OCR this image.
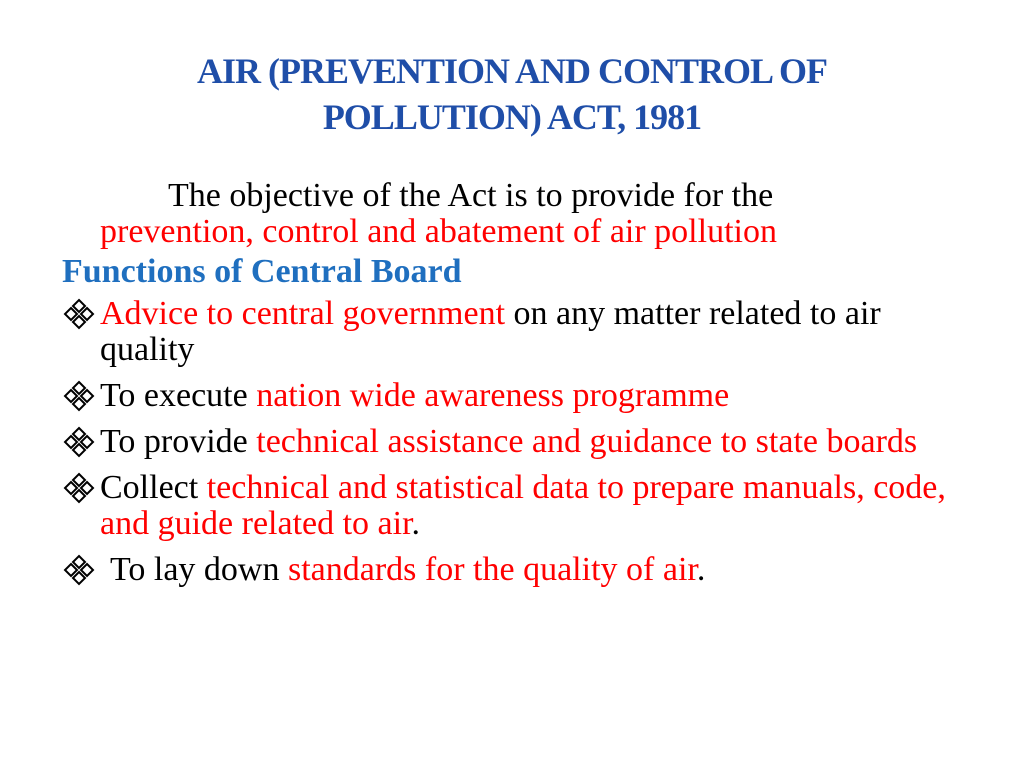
AIR (PREVENTION AND CONTROL OF
POLLUTION) ACT, 1981

The objective of the Act is to provide for the
prevention, control and abatement of air pollution

Functions of Central Board
Advice to central government on any matter related to air quality
To execute nation wide awareness programme
To provide technical assistance and guidance to state boards
Collect technical and statistical data to prepare manuals, code, and guide related to air.
To lay down standards for the quality of air.
